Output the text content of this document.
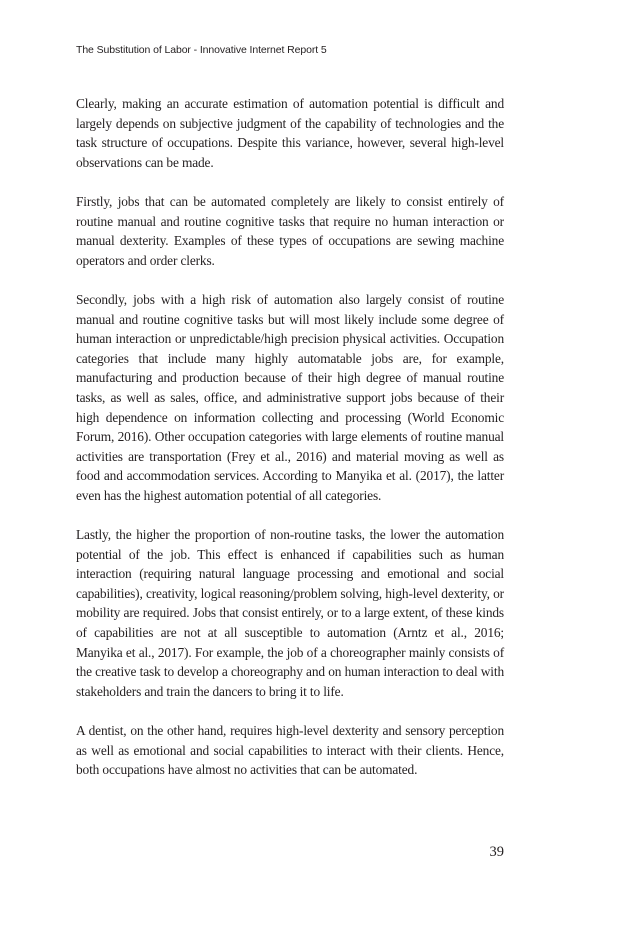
The Substitution of Labor - Innovative Internet Report 5

Clearly, making an accurate estimation of automation potential is difficult and largely depends on subjective judgment of the capability of technologies and the task structure of occupations. Despite this variance, however, several high-level observations can be made.

Firstly, jobs that can be automated completely are likely to consist entirely of routine manual and routine cognitive tasks that require no human interaction or manual dexterity. Examples of these types of occupations are sewing machine operators and order clerks.

Secondly, jobs with a high risk of automation also largely consist of routine manual and routine cognitive tasks but will most likely include some degree of human interaction or unpredictable/high precision physical activities. Occupation categories that include many highly automatable jobs are, for example, manufacturing and production because of their high degree of manual routine tasks, as well as sales, office, and administrative support jobs because of their high dependence on information collecting and processing (World Economic Forum, 2016). Other occupation categories with large elements of routine manual activities are transportation (Frey et al., 2016) and material moving as well as food and accommodation services. According to Manyika et al. (2017), the latter even has the highest automation potential of all categories.

Lastly, the higher the proportion of non-routine tasks, the lower the automation potential of the job. This effect is enhanced if capabilities such as human interaction (requiring natural language processing and emotional and social capabilities), creativity, logical reasoning/problem solving, high-level dexterity, or mobility are required. Jobs that consist entirely, or to a large extent, of these kinds of capabilities are not at all susceptible to automation (Arntz et al., 2016; Manyika et al., 2017). For example, the job of a choreographer mainly consists of the creative task to develop a choreography and on human interaction to deal with stakeholders and train the dancers to bring it to life.

A dentist, on the other hand, requires high-level dexterity and sensory perception as well as emotional and social capabilities to interact with their clients. Hence, both occupations have almost no activities that can be automated.

39
